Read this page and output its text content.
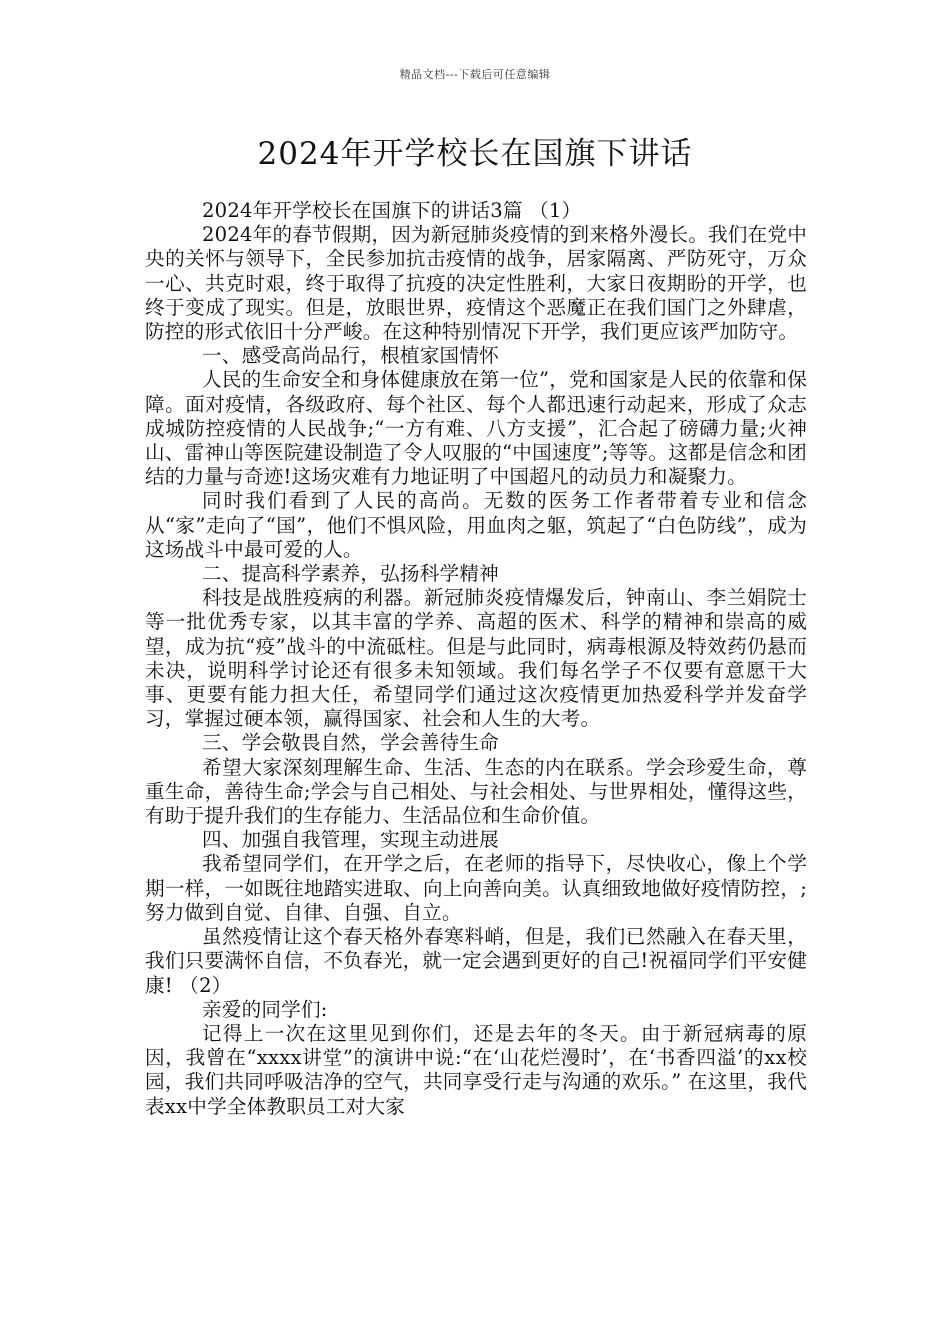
精品文档---下载后可任意编辑
2024年开学校长在国旗下讲话

2024年开学校长在国旗下的讲话3篇 （1）

2024年的春节假期，因为新冠肺炎疫情的到来格外漫长。我们在党中央的关怀与领导下，全民参加抗击疫情的战争，居家隔离、严防死守，万众一心、共克时艰，终于取得了抗疫的决定性胜利，大家日夜期盼的开学，也终于变成了现实。但是，放眼世界，疫情这个恶魔正在我们国门之外肆虐，防控的形式依旧十分严峻。在这种特别情况下开学，我们更应该严加防守。

一、感受高尚品行，根植家国情怀

人民的生命安全和身体健康放在第一位”，党和国家是人民的依靠和保障。面对疫情，各级政府、每个社区、每个人都迅速行动起来，形成了众志成城防控疫情的人民战争;“一方有难、八方支援”，汇合起了磅礴力量;火神山、雷神山等医院建设制造了令人叹服的“中国速度”;等等。这都是信念和团结的力量与奇迹!这场灾难有力地证明了中国超凡的动员力和凝聚力。

同时我们看到了人民的高尚。无数的医务工作者带着专业和信念从“家”走向了“国”，他们不惧风险，用血肉之躯，筑起了“白色防线”，成为这场战斗中最可爱的人。

二、提高科学素养，弘扬科学精神

科技是战胜疫病的利器。新冠肺炎疫情爆发后，钟南山、李兰娟院士等一批优秀专家，以其丰富的学养、高超的医术、科学的精神和崇高的威望，成为抗“疫”战斗的中流砥柱。但是与此同时，病毒根源及特效药仍悬而未决，说明科学讨论还有很多未知领域。我们每名学子不仅要有意愿干大事、更要有能力担大任，希望同学们通过这次疫情更加热爱科学并发奋学习，掌握过硬本领，赢得国家、社会和人生的大考。

三、学会敬畏自然，学会善待生命

希望大家深刻理解生命、生活、生态的内在联系。学会珍爱生命，尊重生命，善待生命;学会与自己相处、与社会相处、与世界相处，懂得这些，有助于提升我们的生存能力、生活品位和生命价值。

四、加强自我管理，实现主动进展

我希望同学们，在开学之后，在老师的指导下，尽快收心，像上个学期一样，一如既往地踏实进取、向上向善向美。认真细致地做好疫情防控，;努力做到自觉、自律、自强、自立。

虽然疫情让这个春天格外春寒料峭，但是，我们已然融入在春天里，我们只要满怀自信，不负春光，就一定会遇到更好的自己!祝福同学们平安健康! （2）

亲爱的同学们:

记得上一次在这里见到你们，还是去年的冬天。由于新冠病毒的原因，我曾在“xxxx讲堂”的演讲中说:“在‘山花烂漫时’，在‘书香四溢’的xx校园，我们共同呼吸洁净的空气，共同享受行走与沟通的欢乐。” 在这里，我代表xx中学全体教职员工对大家
